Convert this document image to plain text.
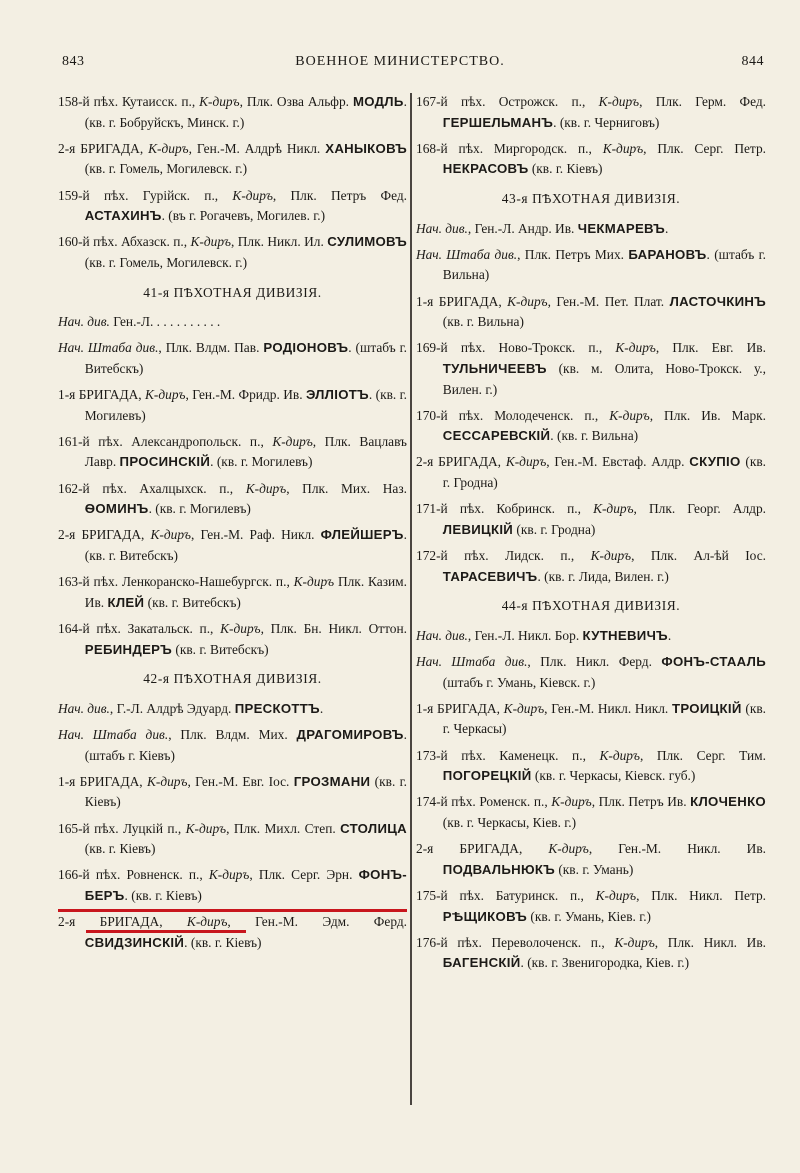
843	ВОЕННОЕ МИНИСТЕРСТВО.	844
158-й пѣх. Кутаисск. п., К-диръ, Плк. Озва Альфр. МОДЛЬ. (кв. г. Бобруйскъ, Минск. г.)
2-я БРИГАДА, К-диръ, Ген.-М. Алдрѣ Никл. ХАНЫКОВЪ (кв. г. Гомель, Могилевск. г.)
159-й пѣх. Гурійск. п., К-диръ, Плк. Петръ Фед. АСТАХИНЪ. (въ г. Рогачевъ, Могилев. г.)
160-й пѣх. Абхазск. п., К-диръ, Плк. Никл. Ил. СУЛИМОВЪ (кв. г. Гомель, Могилевск. г.)
41-я ПѢХОТНАЯ ДИВИЗІЯ.
Нач. див. Ген.-Л. . . . . . . . . . .
Нач. Штаба див., Плк. Влдм. Пав. РОДІОНОВЪ. (штабъ г. Витебскъ)
1-я БРИГАДА, К-диръ, Ген.-М. Фридр. Ив. ЭЛЛІОТЪ. (кв. г. Могилевъ)
161-й пѣх. Александропольск. п., К-диръ, Плк. Вацлавъ Лавр. ПРОСИНСКІЙ. (кв. г. Могилевъ)
162-й пѣх. Ахалцыхск. п., К-диръ, Плк. Мих. Наз. ѲОМИНЪ. (кв. г. Могилевъ)
2-я БРИГАДА, К-диръ, Ген.-М. Раф. Никл. ФЛЕЙШЕРЪ. (кв. г. Витебскъ)
163-й пѣх. Ленкоранско-Нашебургск. п., К-диръ Плк. Казим. Ив. КЛЕЙ (кв. г. Витебскъ)
164-й пѣх. Закатальск. п., К-диръ, Плк. Бн. Никл. Оттон. РЕБИНДЕРЪ (кв. г. Витебскъ)
42-я ПѢХОТНАЯ ДИВИЗІЯ.
Нач. див., Г.-Л. Алдрѣ Эдуард. ПРЕСКОТТЪ.
Нач. Штаба див., Плк. Влдм. Мих. ДРАГОМИРОВЪ. (штабъ г. Кіевъ)
1-я БРИГАДА, К-диръ, Ген.-М. Евг. Іос. ГРОЗМАНИ (кв. г. Кіевъ)
165-й пѣх. Луцкій п., К-диръ, Плк. Михл. Степ. СТОЛИЦА (кв. г. Кіевъ)
166-й пѣх. Ровненск. п., К-диръ, Плк. Серг. Эрн. ФОНЪ-БЕРЪ. (кв. г. Кіевъ)
2-я БРИГАДА, К-диръ, Ген.-М. Эдм. Ферд. СВИДЗИНСКІЙ. (кв. г. Кіевъ)
167-й пѣх. Острожск. п., К-диръ, Плк. Герм. Фед. ГЕРШЕЛЬМАНЪ. (кв. г. Черниговъ)
168-й пѣх. Миргородск. п., К-диръ, Плк. Серг. Петр. НЕКРАСОВЪ (кв. г. Кіевъ)
43-я ПѢХОТНАЯ ДИВИЗІЯ.
Нач. див., Ген.-Л. Андр. Ив. ЧЕКМАРЕВЪ.
Нач. Штаба див., Плк. Петръ Мих. БАРАНОВЪ. (штабъ г. Вильна)
1-я БРИГАДА, К-диръ, Ген.-М. Пет. Плат. ЛАСТОЧКИНЪ (кв. г. Вильна)
169-й пѣх. Ново-Трокск. п., К-диръ, Плк. Евг. Ив. ТУЛЬНИЧЕЕВЪ (кв. м. Олита, Ново-Трокск. у., Вилен. г.)
170-й пѣх. Молодеченск. п., К-диръ, Плк. Ив. Марк. СЕССАРЕВСКІЙ. (кв. г. Вильна)
2-я БРИГАДА, К-диръ, Ген.-М. Евстаф. Алдр. СКУПІО (кв. г. Гродна)
171-й пѣх. Кобринск. п., К-диръ, Плк. Георг. Алдр. ЛЕВИЦКІЙ (кв. г. Гродна)
172-й пѣх. Лидск. п., К-диръ, Плк. Ал-ѣй Іос. ТАРАСЕВИЧЪ. (кв. г. Лида, Вилен. г.)
44-я ПѢХОТНАЯ ДИВИЗІЯ.
Нач. див., Ген.-Л. Никл. Бор. КУТНЕВИЧЪ.
Нач. Штаба див., Плк. Никл. Ферд. ФОНЪ-СТААЛЬ (штабъ г. Умань, Кіевск. г.)
1-я БРИГАДА, К-диръ, Ген.-М. Никл. Никл. ТРОИЦКІЙ (кв. г. Черкасы)
173-й пѣх. Каменецк. п., К-диръ, Плк. Серг. Тим. ПОГОРЕЦКІЙ (кв. г. Черкасы, Кіевск. губ.)
174-й пѣх. Роменск. п., К-диръ, Плк. Петръ Ив. КЛОЧЕНКО (кв. г. Черкасы, Кіев. г.)
2-я БРИГАДА, К-диръ, Ген.-М. Никл. Ив. ПОДВАЛЬНЮКЪ (кв. г. Умань)
175-й пѣх. Батуринск. п., К-диръ, Плк. Никл. Петр. РѢЩИКОВЪ (кв. г. Умань, Кіев. г.)
176-й пѣх. Переволоченск. п., К-диръ, Плк. Никл. Ив. БАГЕНСКІЙ. (кв. г. Звенигородка, Кіев. г.)
